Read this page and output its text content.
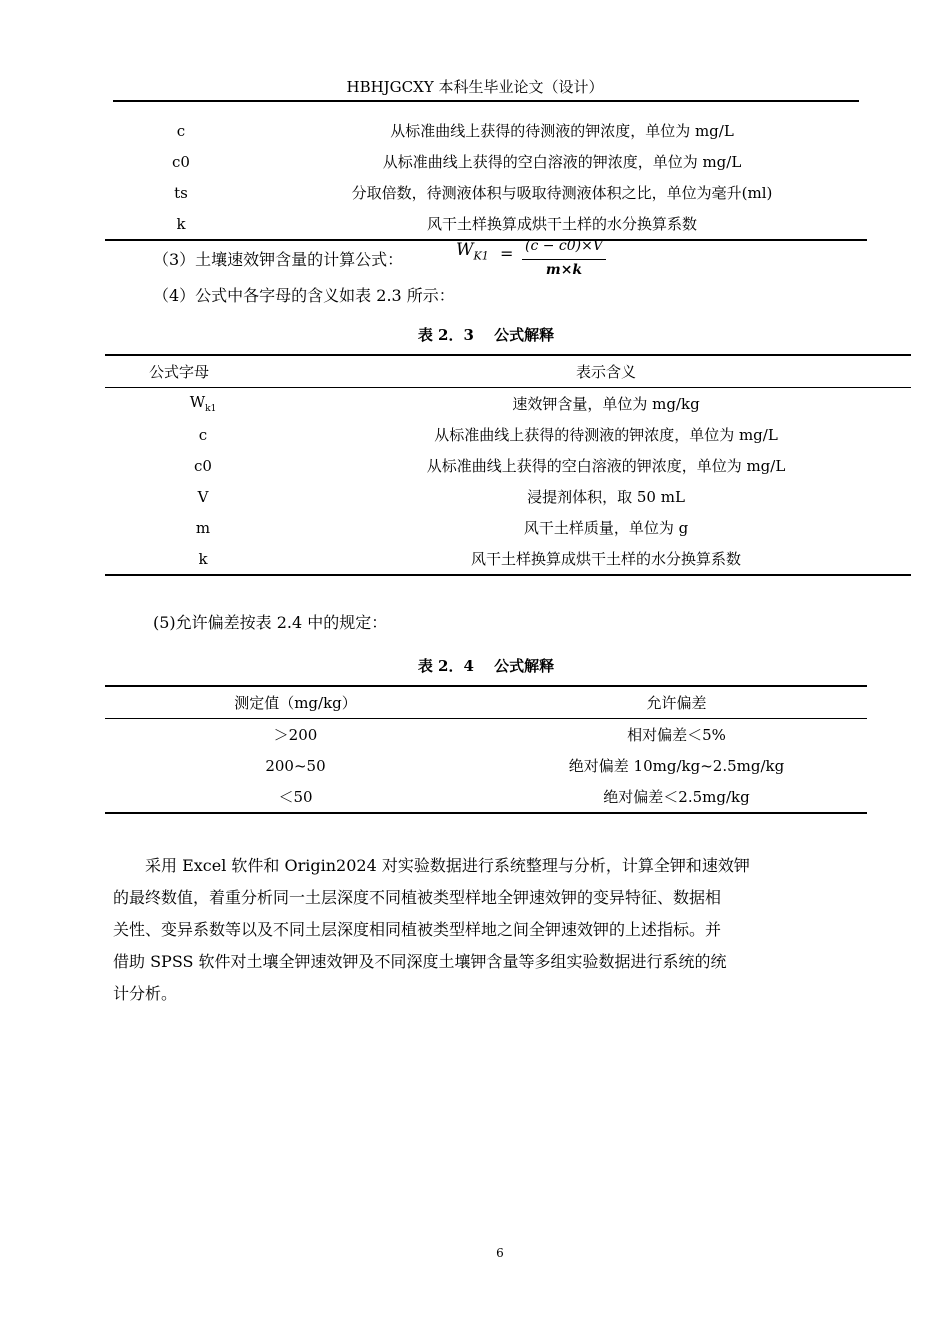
HBHJGCXY 本科生毕业论文（设计）
c	从标准曲线上获得的待测液的钾浓度，单位为 mg/L
c0	从标准曲线上获得的空白溶液的钾浓度，单位为 mg/L
ts	分取倍数，待测液体积与吸取待测液体积之比，单位为毫升(ml)
k	风干土样换算成烘干土样的水分换算系数
（3）土壤速效钾含量的计算公式：	$W_{K1} = (c - c0)\times V$
m×k
（4）公式中各字母的含义如表 2.3 所示：
表 2．3　 公式解释
公式字母	表示含义
$W_{k1}$	速效钾含量，单位为 mg/kg
c	从标准曲线上获得的待测液的钾浓度，单位为 mg/L
c0	从标准曲线上获得的空白溶液的钾浓度，单位为 mg/L
V	浸提剂体积，取 50 mL
m	风干土样质量，单位为 g
k	风干土样换算成烘干土样的水分换算系数
(5)允许偏差按表 2.4 中的规定：
表 2．4　 公式解释
测定值（mg/kg）	允许偏差
＞200	相对偏差＜5%
200~50	绝对偏差 10mg/kg~2.5mg/kg
＜50	绝对偏差＜2.5mg/kg
　　采用 Excel 软件和 Origin2024 对实验数据进行系统整理与分析，计算全钾和速效钾
的最终数值，着重分析同一土层深度不同植被类型样地全钾速效钾的变异特征、数据相
关性、变异系数等以及不同土层深度相同植被类型样地之间全钾速效钾的上述指标。并
借助 SPSS 软件对土壤全钾速效钾及不同深度土壤钾含量等多组实验数据进行系统的统
计分析。
6
